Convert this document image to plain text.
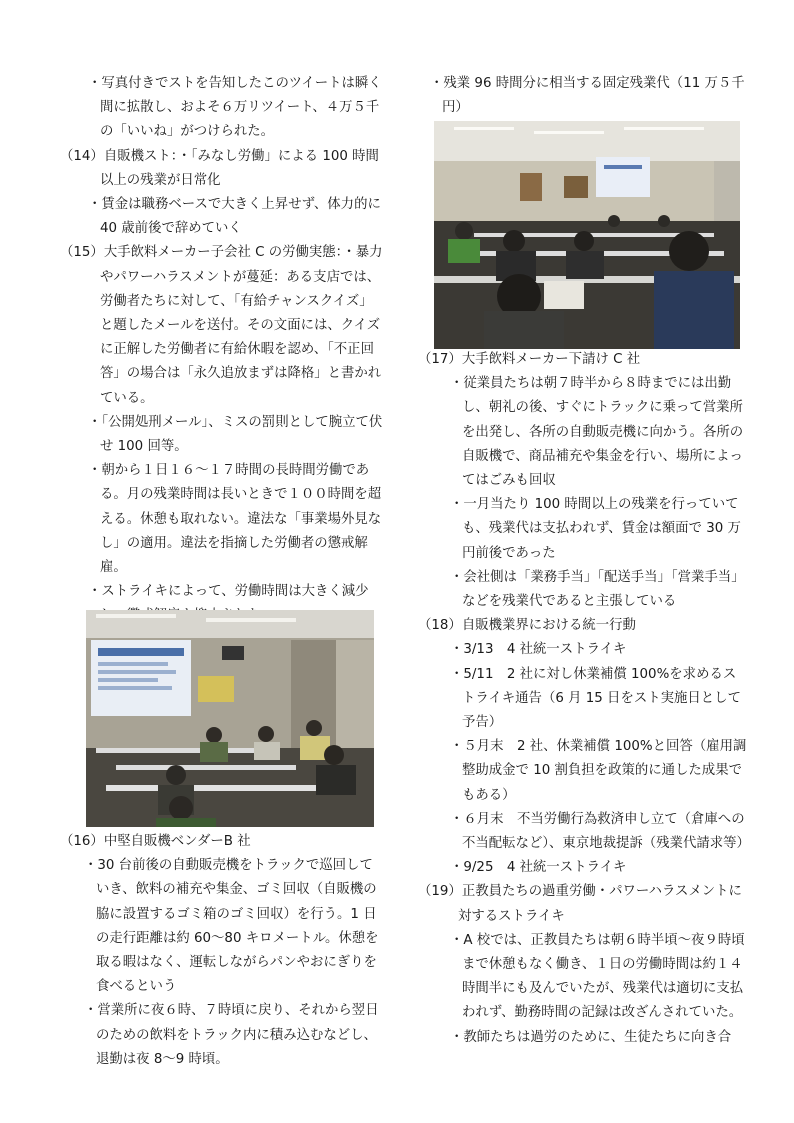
・写真付きでストを告知したこのツイートは瞬く間に拡散し、およそ６万リツイート、４万５千の「いいね」がつけられた。

（14）自販機スト：・「みなし労働」による 100 時間以上の残業が日常化

・賃金は職務ベースで大きく上昇せず、体力的に 40 歳前後で辞めていく

（15）大手飲料メーカー子会社 C の労働実態：・暴力やパワーハラスメントが蔓延：ある支店では、労働者たちに対して、「有給チャンスクイズ」と題したメールを送付。その文面には、クイズに正解した労働者に有給休暇を認め、「不正回答」の場合は「永久追放まずは降格」と書かれている。

・「公開処刑メール」、ミスの罰則として腕立て伏せ 100 回等。

・朝から１日１６～１７時間の長時間労働である。月の残業時間は長いときで１００時間を超える。休憩も取れない。違法な「事業場外見なし」の適用。違法を指摘した労働者の懲戒解雇。

・ストライキによって、労働時間は大きく減少

（16）中堅自販機ベンダーB 社

・30 台前後の自動販売機をトラックで巡回していき、飲料の補充や集金、ゴミ回収（自販機の脇に設置するゴミ箱のゴミ回収）を行う。1 日の走行距離は約 60～80 キロメートル。休憩を取る暇はなく、運転しながらパンやおにぎりを食べるという

・営業所に夜６時、７時頃に戻り、それから翌日のための飲料をトラック内に積み込むなどし、退勤は夜 8～9 時頃。

・残業 96 時間分に相当する固定残業代（11 万５千円）

（17）大手飲料メーカー下請け C 社

・従業員たちは朝７時半から８時までには出勤し、朝礼の後、すぐにトラックに乗って営業所を出発し、各所の自動販売機に向かう。各所の自販機で、商品補充や集金を行い、場所によってはごみも回収

・一月当たり 100 時間以上の残業を行っていても、残業代は支払われず、賃金は額面で 30 万円前後であった

・会社側は「業務手当」「配送手当」「営業手当」などを残業代であると主張している

（18）自販機業界における統一行動

・3/13　4 社統一ストライキ

・5/11　2 社に対し休業補償 100%を求めるストライキ通告（6 月 15 日をスト実施日として予告）

・５月末　2 社、休業補償 100%と回答（雇用調整助成金で 10 割負担を政策的に通した成果でもある）

・６月末　不当労働行為救済申し立て（倉庫への不当配転など）、東京地裁提訴（残業代請求等）

・9/25　4 社統一ストライキ

（19）正教員たちの過重労働・パワーハラスメントに対するストライキ

・A 校では、正教員たちは朝６時半頃～夜９時頃まで休憩もなく働き、１日の労働時間は約１４時間半にも及んでいたが、残業代は適切に支払われず、勤務時間の記録は改ざんされていた。

・教師たちは過労のために、生徒たちに向き合
